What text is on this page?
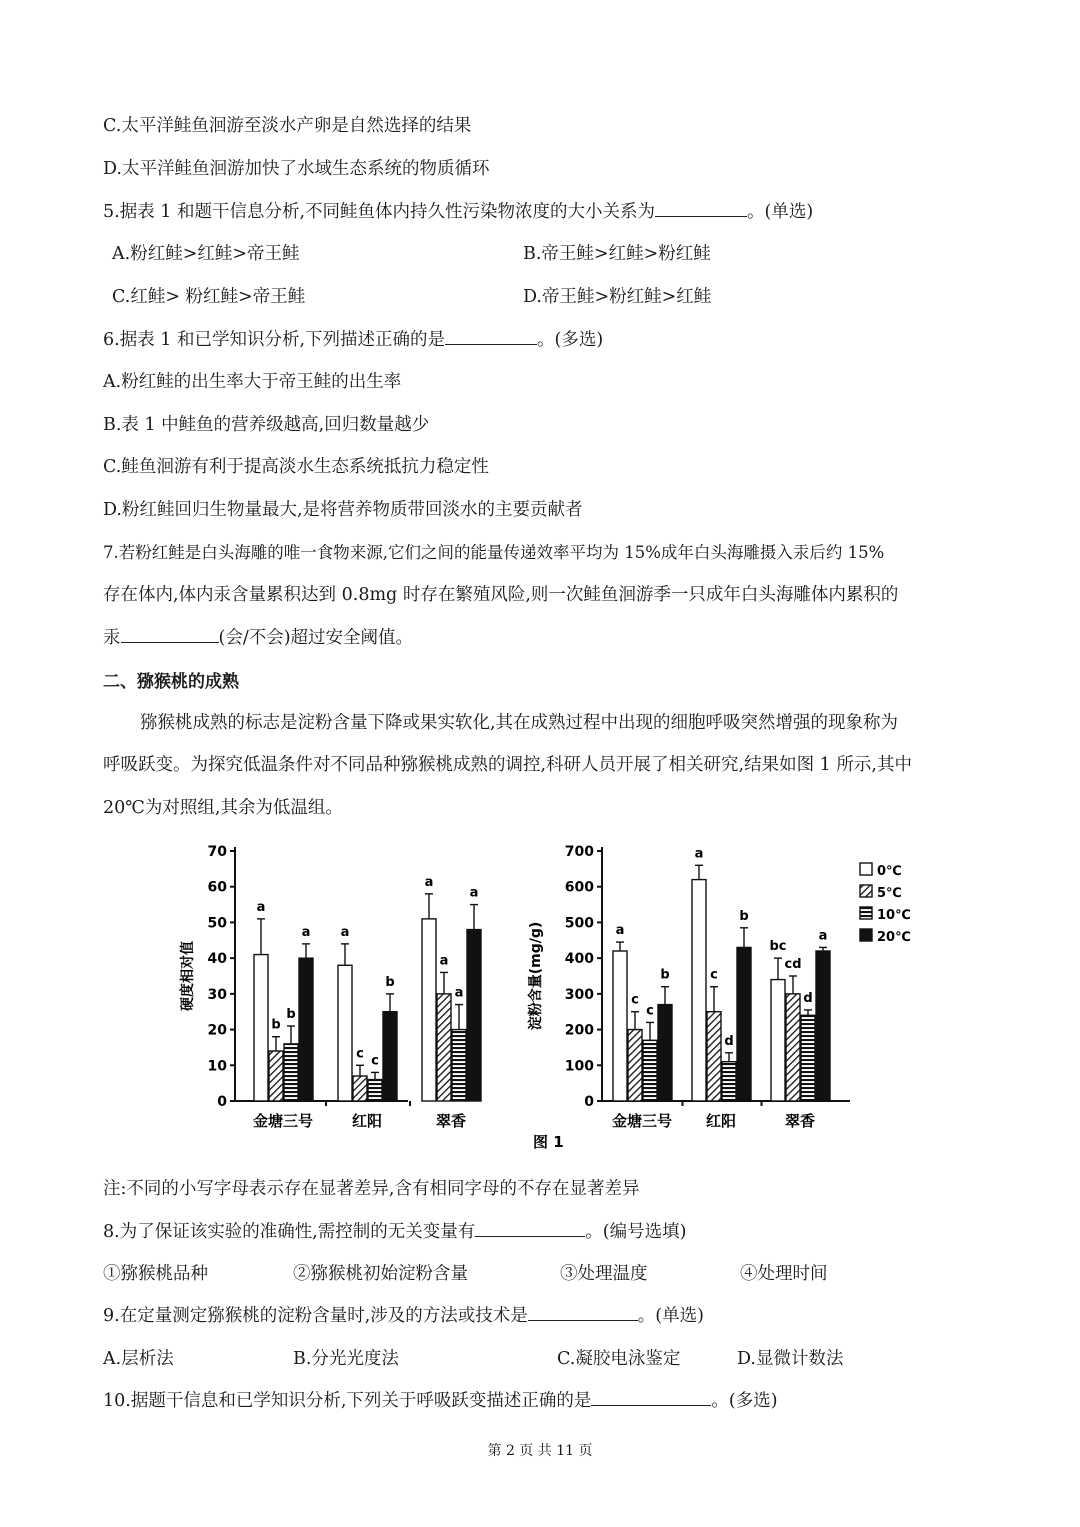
C.太平洋鲑鱼洄游至淡水产卵是自然选择的结果
D.太平洋鲑鱼洄游加快了水域生态系统的物质循环
5.据表 1 和题干信息分析,不同鲑鱼体内持久性污染物浓度的大小关系为	。(单选)
A.粉红鲑>红鲑>帝王鲑	B.帝王鲑>红鲑>粉红鲑
C.红鲑> 粉红鲑>帝王鲑	D.帝王鲑>粉红鲑>红鲑
6.据表 1 和已学知识分析,下列描述正确的是	。(多选)
A.粉红鲑的出生率大于帝王鲑的出生率
B.表 1 中鲑鱼的营养级越高,回归数量越少
C.鲑鱼洄游有利于提高淡水生态系统抵抗力稳定性
D.粉红鲑回归生物量最大,是将营养物质带回淡水的主要贡献者
7.若粉红鲑是白头海雕的唯一食物来源,它们之间的能量传递效率平均为 15%成年白头海雕摄入汞后约 15%
存在体内,体内汞含量累积达到 0.8mg 时存在繁殖风险,则一次鲑鱼洄游季一只成年白头海雕体内累积的
汞	(会/不会)超过安全阈值。
二、猕猴桃的成熟
猕猴桃成熟的标志是淀粉含量下降或果实软化,其在成熟过程中出现的细胞呼吸突然增强的现象称为
呼吸跃变。为探究低温条件对不同品种猕猴桃成熟的调控,科研人员开展了相关研究,结果如图 1 所示,其中
20℃为对照组,其余为低温组。
0
10
20
30
40
50
60
70
硬度相对值
a
b
b
a
金塘三号
a
c c
b
红阳
a
a
a
a
翠香
0
100
200
300
400
500
600
700
淀粉含量(mg/g)	a
c
c
b
金塘三号
a
c
d
b
红阳
bc
cd
d
a
翠香
0℃
5℃
10℃
20℃
图 1
注:不同的小写字母表示存在显著差异,含有相同字母的不存在显著差异
8.为了保证该实验的准确性,需控制的无关变量有	。(编号选填)
①猕猴桃品种	②猕猴桃初始淀粉含量	③处理温度	④处理时间
9.在定量测定猕猴桃的淀粉含量时,涉及的方法或技术是	。(单选)
A.层析法	B.分光光度法	C.凝胶电泳鉴定	D.显微计数法
10.据题干信息和已学知识分析,下列关于呼吸跃变描述正确的是	。(多选)
第 2 页 共 11 页
